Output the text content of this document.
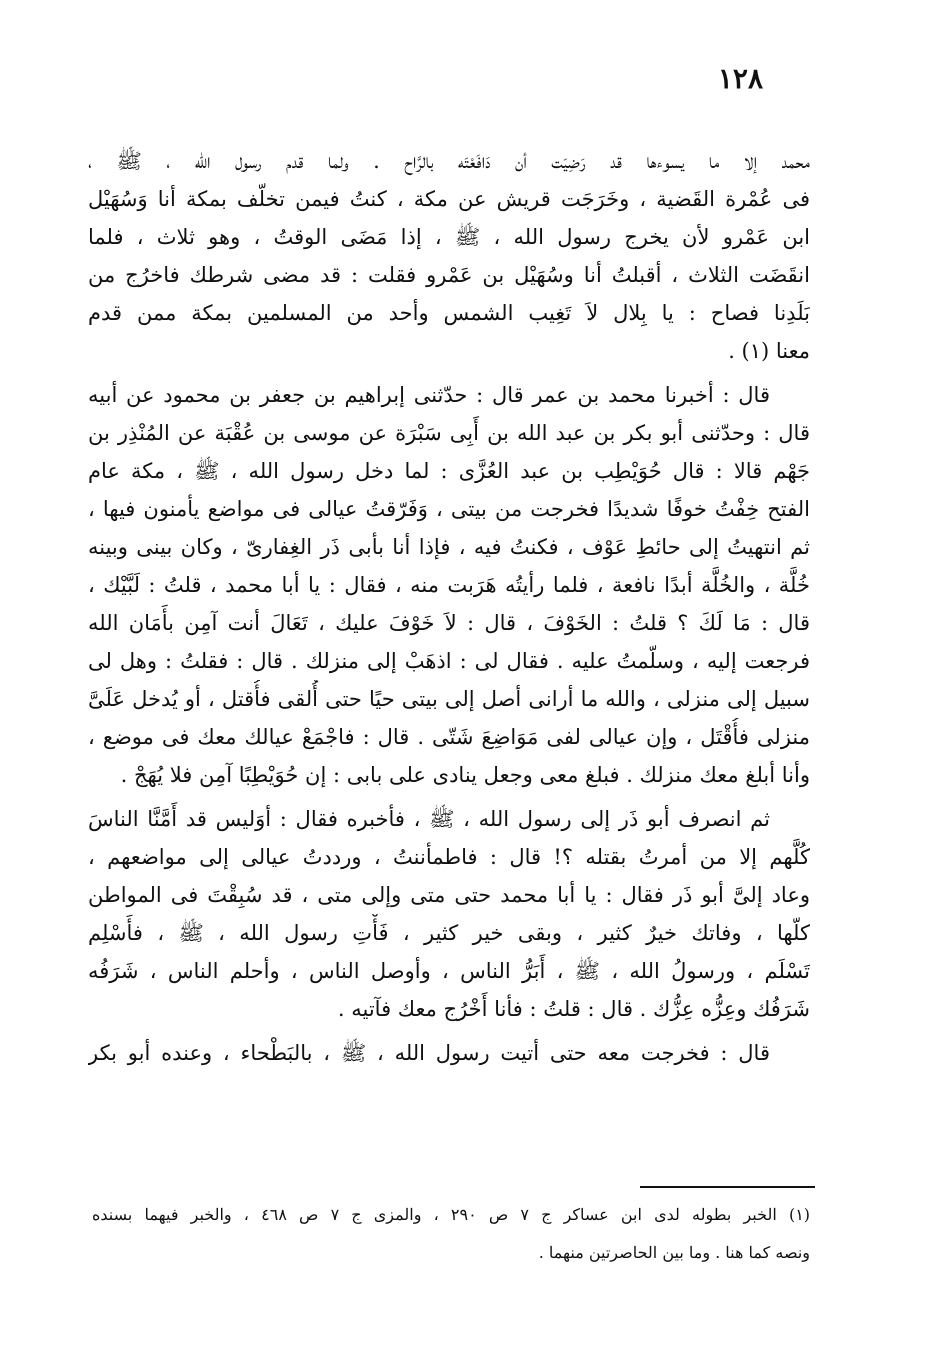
١٢٨
محمد إلا ما يسوءها قد رَضِيَت أن دَافَعْتَه بالرَّاح . ولما قدم رسول الله ، ﷺ ،
فى عُمْرة القَضية ، وخَرَجَت قريش عن مكة ، كنتُ فيمن تخلّف بمكة أنا وَسُهَيْل
ابن عَمْرو لأن يخرج رسول الله ، ﷺ ، إذا مَضَى الوقتُ ، وهو ثلاث ، فلما
انقَضَت الثلاث ، أقبلتُ أنا وسُهَيْل بن عَمْرو فقلت : قد مضى شرطك فاخرُج من
بَلَدِنا فصاح : يا بِلال لاَ تَغِيب الشمس وأحد من المسلمين بمكة ممن قدم
معنا (١) .
قال : أخبرنا محمد بن عمر قال : حدّثنى إبراهيم بن جعفر بن محمود عن أبيه
قال : وحدّثنى أبو بكر بن عبد الله بن أَبِى سَبْرَة عن موسى بن عُقْبَة عن المُنْذِر بن
جَهْم قالا : قال حُوَيْطِب بن عبد العُزَّى : لما دخل رسول الله ، ﷺ ، مكة عام
الفتح خِفْتُ خوفًا شديدًا فخرجت من بيتى ، وَفَرّقتُ عيالى فى مواضع يأمنون فيها ،
ثم انتهيتُ إلى حائطِ عَوْف ، فكنتُ فيه ، فإذا أنا بأبى ذَر الغِفارىّ ، وكان بينى وبينه
خُلَّة ، والخُلَّة أبدًا نافعة ، فلما رأيتُه هَرَبت منه ، فقال : يا أبا محمد ، قلتُ : لَبَّيْك ،
قال : مَا لَكَ ؟ قلتُ : الخَوْفَ ، قال : لاَ خَوْفَ عليك ، تَعَالَ أنت آمِن بأَمَان الله
فرجعت إليه ، وسلّمتُ عليه . فقال لى : اذهَبْ إلى منزلك . قال : فقلتُ : وهل لى
سبيل إلى منزلى ، والله ما أرانى أصل إلى بيتى حيًا حتى أُلقى فأُقتل ، أو يُدخل عَلَىَّ
منزلى فأُقْتَل ، وإن عيالى لفى مَوَاضِعَ شَتّى . قال : فاجْمَعْ عيالك معك فى موضع ،
وأنا أبلغ معك منزلك . فبلغ معى وجعل ينادى على بابى : إن حُوَيْطِبًا آمِن فلا يُهَجْ .
ثم انصرف أبو ذَر إلى رسول الله ، ﷺ ، فأخبره فقال : أوَليس قد أَمَّنَّا الناسَ
كُلَّهم إلا من أمرتُ بقتله ؟! قال : فاطمأننتُ ، ورددتُ عيالى إلى مواضعهم ،
وعاد إلىَّ أبو ذَر فقال : يا أبا محمد حتى متى وإلى متى ، قد سُبِقْتَ فى المواطن
كلّها ، وفاتك خيرٌ كثير ، وبقى خير كثير ، فَأْتِ رسول الله ، ﷺ ، فأَسْلِم
تَسْلَم ، ورسولُ الله ، ﷺ ، أَبَرُّ الناس ، وأوصل الناس ، وأحلم الناس ، شَرَفُه
شَرَفُك وعِزُّه عِزُّك . قال : قلتُ : فأنا أَخْرُج معك فآتيه .
قال : فخرجت معه حتى أتيت رسول الله ، ﷺ ، بالبَطْحاء ، وعنده أبو بكر
(١) الخبر بطوله لدى ابن عساكر ج ٧ ص ٢٩٠ ، والمزى ج ٧ ص ٤٦٨ ، والخبر فيهما بسنده
ونصه كما هنا . وما بين الحاصرتين منهما .
